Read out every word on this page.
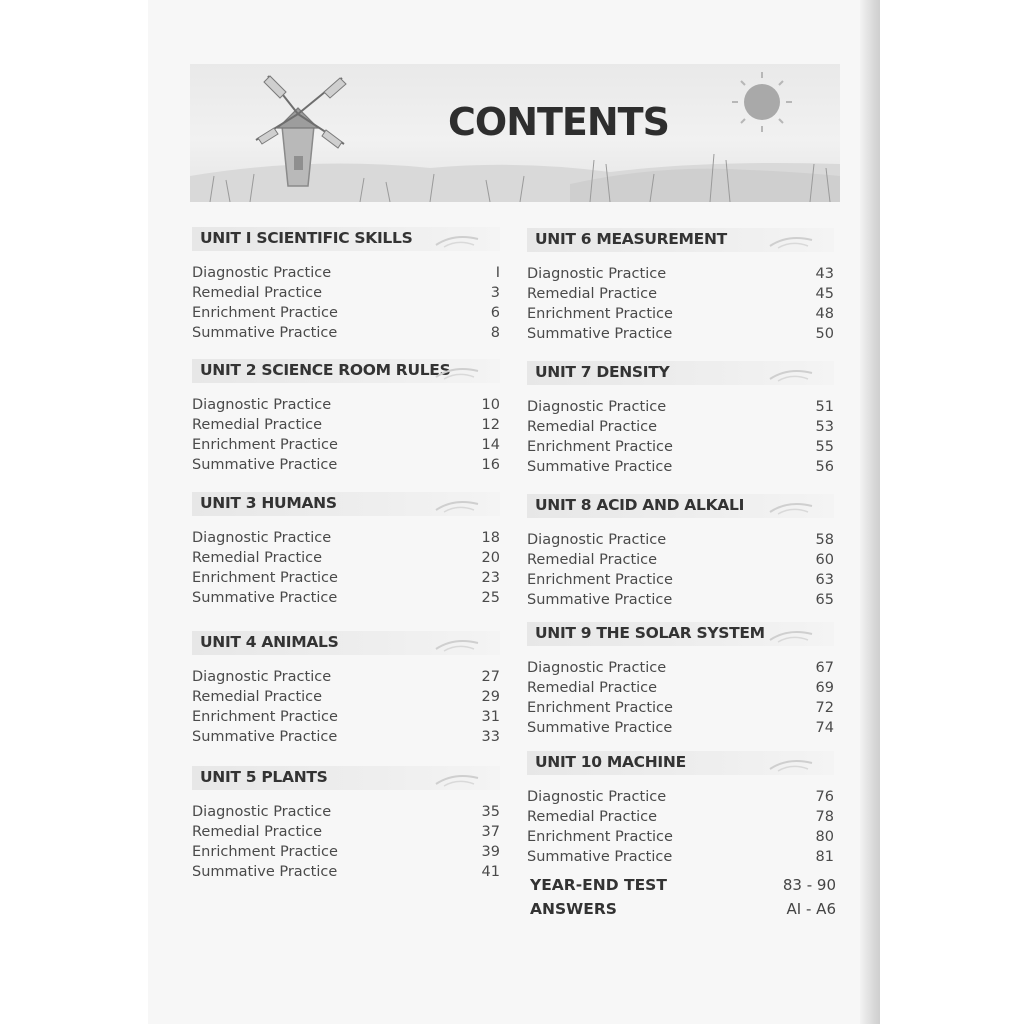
CONTENTS
UNIT I SCIENTIFIC SKILLS
Diagnostic Practice	I
Remedial Practice	3
Enrichment Practice	6
Summative Practice	8
UNIT 2 SCIENCE ROOM RULES
Diagnostic Practice	10
Remedial Practice	12
Enrichment Practice	14
Summative Practice	16
UNIT 3 HUMANS
Diagnostic Practice	18
Remedial Practice	20
Enrichment Practice	23
Summative Practice	25
UNIT 4 ANIMALS
Diagnostic Practice	27
Remedial Practice	29
Enrichment Practice	31
Summative Practice	33
UNIT 5 PLANTS
Diagnostic Practice	35
Remedial Practice	37
Enrichment Practice	39
Summative Practice	41
UNIT 6 MEASUREMENT
Diagnostic Practice	43
Remedial Practice	45
Enrichment Practice	48
Summative Practice	50
UNIT 7 DENSITY
Diagnostic Practice	51
Remedial Practice	53
Enrichment Practice	55
Summative Practice	56
UNIT 8 ACID AND ALKALI
Diagnostic Practice	58
Remedial Practice	60
Enrichment Practice	63
Summative Practice	65
UNIT 9 THE SOLAR SYSTEM
Diagnostic Practice	67
Remedial Practice	69
Enrichment Practice	72
Summative Practice	74
UNIT 10 MACHINE
Diagnostic Practice	76
Remedial Practice	78
Enrichment Practice	80
Summative Practice	81
YEAR-END TEST	83 - 90
ANSWERS	AI - A6
